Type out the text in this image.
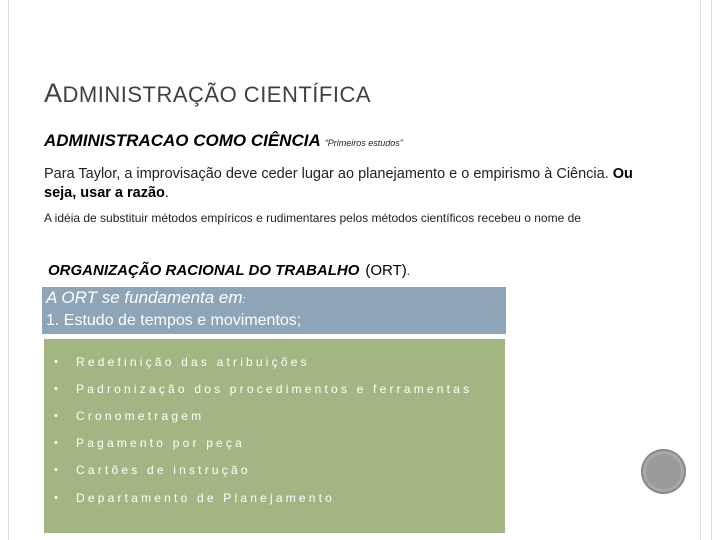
ADMINISTRAÇÃO CIENTÍFICA
ADMINISTRACAO COMO CIÊNCIA “Primeiros estudos”
Para Taylor, a improvisação deve ceder lugar ao planejamento e o empirismo à Ciência. Ou seja, usar a razão.
A idéia de substituir métodos empíricos e rudimentares pelos métodos científicos recebeu o nome de
ORGANIZAÇÃO RACIONAL DO TRABALHO (ORT).
A ORT se fundamenta em:
1. Estudo de tempos e movimentos;
•	Redefinição das atribuições
•	Padronização dos procedimentos e ferramentas
•	Cronometragem
•	Pagamento por peça
•	Cartões de instrução
•	Departamento de Planejamento
